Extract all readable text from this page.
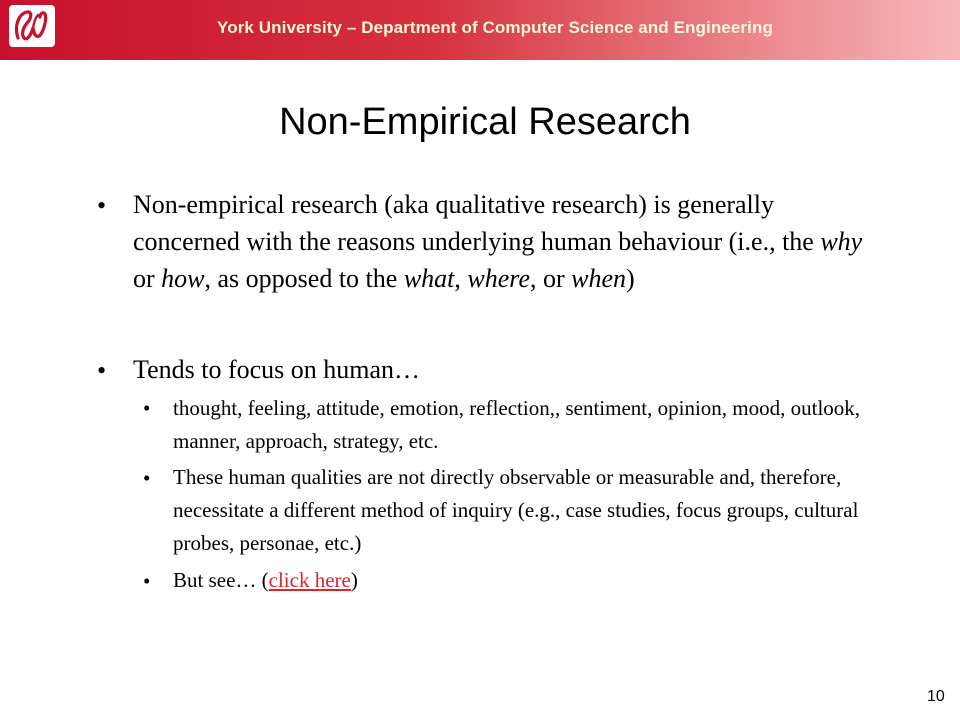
York University – Department of Computer Science and Engineering
Non-Empirical Research
• Non-empirical research (aka qualitative research) is generally concerned with the reasons underlying human behaviour (i.e., the why or how, as opposed to the what, where, or when)
• Tends to focus on human…
• thought, feeling, attitude, emotion, reflection,, sentiment, opinion, mood, outlook, manner, approach, strategy, etc.
• These human qualities are not directly observable or measurable and, therefore, necessitate a different method of inquiry (e.g., case studies, focus groups, cultural probes, personae, etc.)
• But see… (click here)
10
